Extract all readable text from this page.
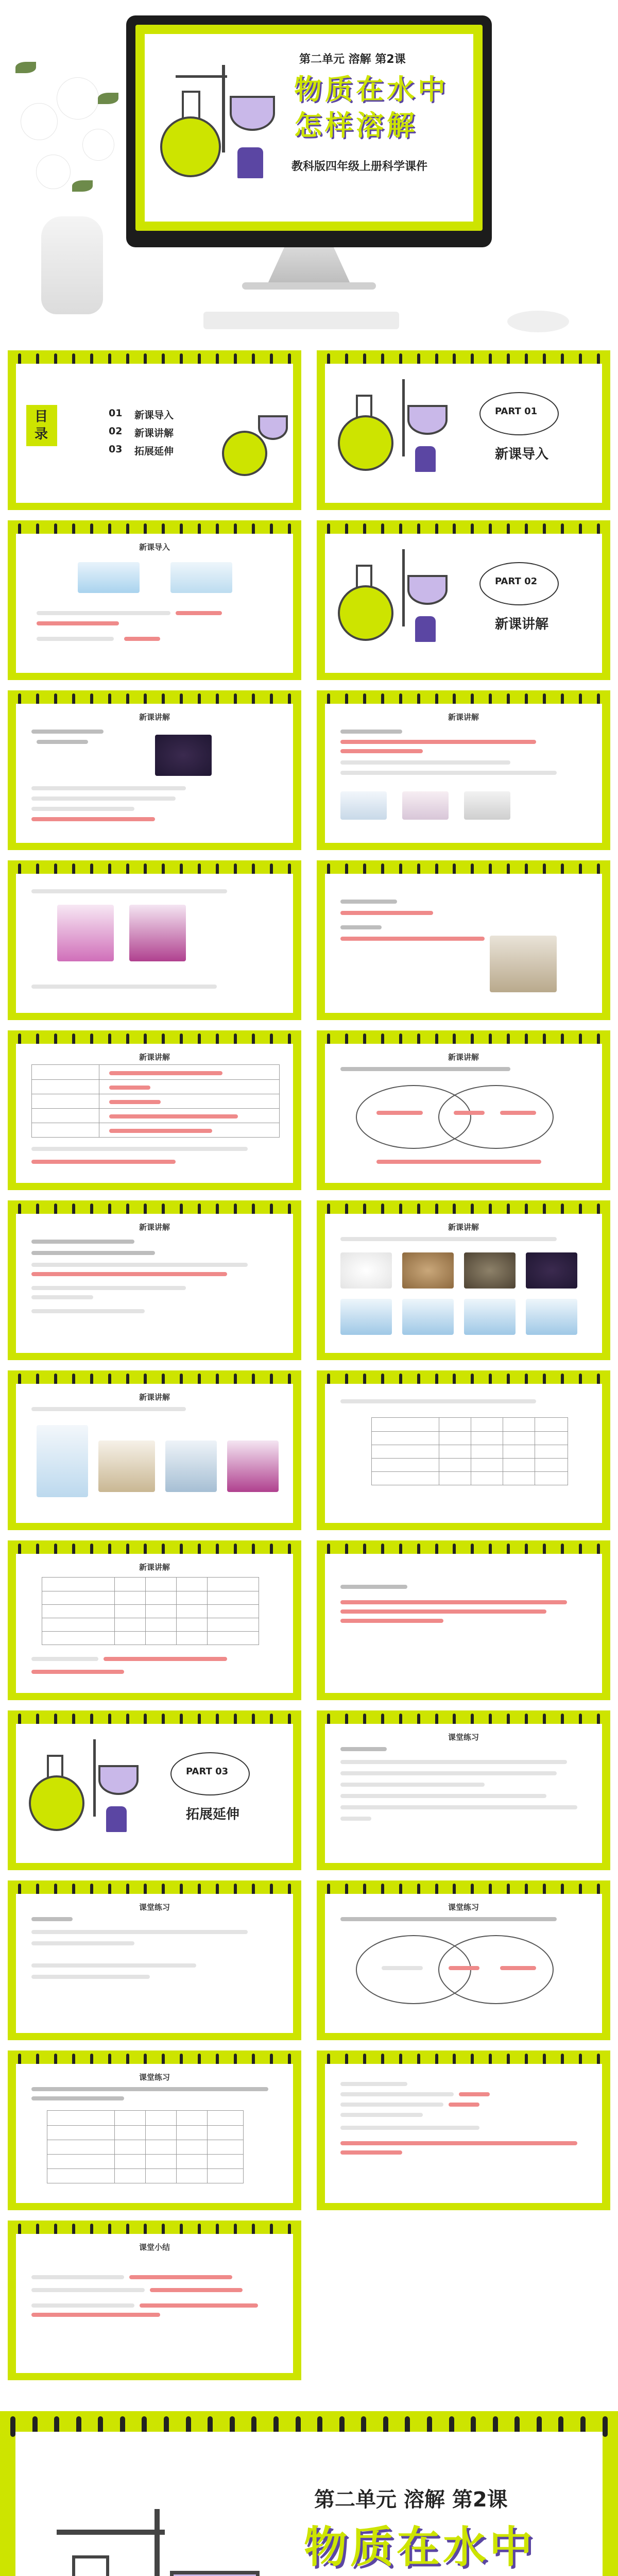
第二单元 溶解 第2课
物质在水中
怎样溶解
教科版四年级上册科学课件
目录
01 新课导入
02 新课讲解
03 拓展延伸
PART 01
新课导入
新课导入
PART 02
新课讲解
新课讲解	新课讲解
新课讲解	新课讲解
新课讲解	新课讲解
新课讲解
新课讲解
PART 03
拓展延伸
课堂练习
课堂练习	课堂练习
课堂练习
课堂小结
第二单元 溶解 第2课
物质在水中
